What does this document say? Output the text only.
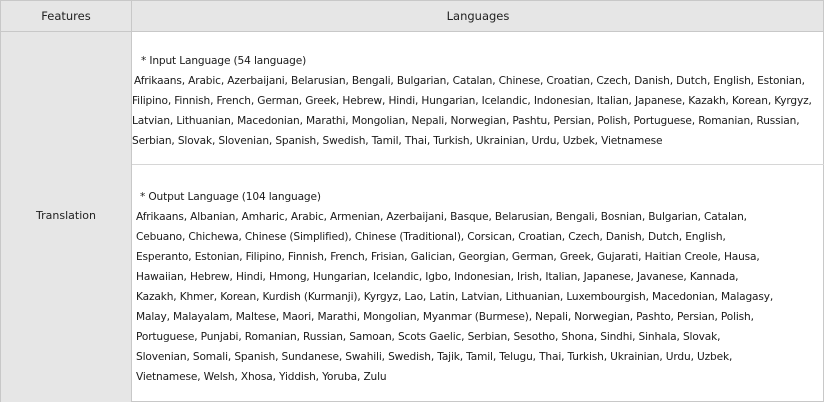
Features	Languages
Translation
* Input Language (54 language)
Afrikaans, Arabic, Azerbaijani, Belarusian, Bengali, Bulgarian, Catalan, Chinese, Croatian, Czech, Danish, Dutch, English, Estonian,
Filipino, Finnish, French, German, Greek, Hebrew, Hindi, Hungarian, Icelandic, Indonesian, Italian, Japanese, Kazakh, Korean, Kyrgyz,
Latvian, Lithuanian, Macedonian, Marathi, Mongolian, Nepali, Norwegian, Pashtu, Persian, Polish, Portuguese, Romanian, Russian,
Serbian, Slovak, Slovenian, Spanish, Swedish, Tamil, Thai, Turkish, Ukrainian, Urdu, Uzbek, Vietnamese
* Output Language (104 language)
Afrikaans, Albanian, Amharic, Arabic, Armenian, Azerbaijani, Basque, Belarusian, Bengali, Bosnian, Bulgarian, Catalan,
Cebuano, Chichewa, Chinese (Simplified), Chinese (Traditional), Corsican, Croatian, Czech, Danish, Dutch, English,
Esperanto, Estonian, Filipino, Finnish, French, Frisian, Galician, Georgian, German, Greek, Gujarati, Haitian Creole, Hausa,
Hawaiian, Hebrew, Hindi, Hmong, Hungarian, Icelandic, Igbo, Indonesian, Irish, Italian, Japanese, Javanese, Kannada,
Kazakh, Khmer, Korean, Kurdish (Kurmanji), Kyrgyz, Lao, Latin, Latvian, Lithuanian, Luxembourgish, Macedonian, Malagasy,
Malay, Malayalam, Maltese, Maori, Marathi, Mongolian, Myanmar (Burmese), Nepali, Norwegian, Pashto, Persian, Polish,
Portuguese, Punjabi, Romanian, Russian, Samoan, Scots Gaelic, Serbian, Sesotho, Shona, Sindhi, Sinhala, Slovak,
Slovenian, Somali, Spanish, Sundanese, Swahili, Swedish, Tajik, Tamil, Telugu, Thai, Turkish, Ukrainian, Urdu, Uzbek,
Vietnamese, Welsh, Xhosa, Yiddish, Yoruba, Zulu
